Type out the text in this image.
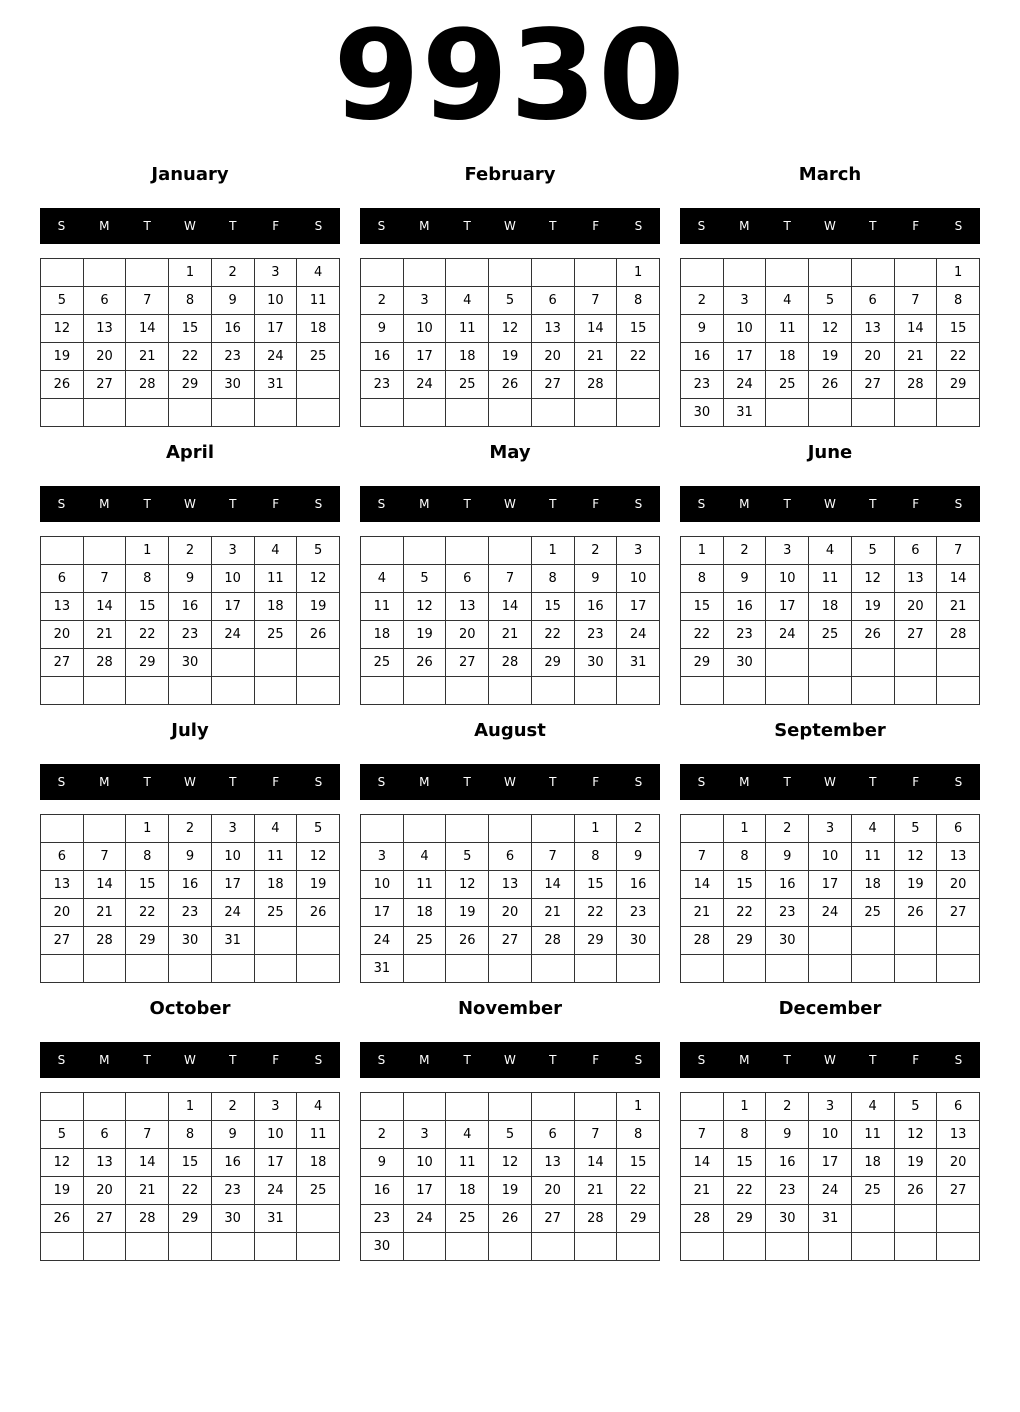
9930
January
S	M	T	W	T	F	S
			1	2	3	4
5	6	7	8	9	10	11
12	13	14	15	16	17	18
19	20	21	22	23	24	25
26	27	28	29	30	31	

February
S	M	T	W	T	F	S
						1
2	3	4	5	6	7	8
9	10	11	12	13	14	15
16	17	18	19	20	21	22
23	24	25	26	27	28	

March
S	M	T	W	T	F	S
						1
2	3	4	5	6	7	8
9	10	11	12	13	14	15
16	17	18	19	20	21	22
23	24	25	26	27	28	29
30	31					
April
S	M	T	W	T	F	S
		1	2	3	4	5
6	7	8	9	10	11	12
13	14	15	16	17	18	19
20	21	22	23	24	25	26
27	28	29	30			

May
S	M	T	W	T	F	S
				1	2	3
4	5	6	7	8	9	10
11	12	13	14	15	16	17
18	19	20	21	22	23	24
25	26	27	28	29	30	31

June
S	M	T	W	T	F	S
1	2	3	4	5	6	7
8	9	10	11	12	13	14
15	16	17	18	19	20	21
22	23	24	25	26	27	28
29	30					

July
S	M	T	W	T	F	S
		1	2	3	4	5
6	7	8	9	10	11	12
13	14	15	16	17	18	19
20	21	22	23	24	25	26
27	28	29	30	31		

August
S	M	T	W	T	F	S
					1	2
3	4	5	6	7	8	9
10	11	12	13	14	15	16
17	18	19	20	21	22	23
24	25	26	27	28	29	30
31						
September
S	M	T	W	T	F	S
	1	2	3	4	5	6
7	8	9	10	11	12	13
14	15	16	17	18	19	20
21	22	23	24	25	26	27
28	29	30				

October
S	M	T	W	T	F	S
			1	2	3	4
5	6	7	8	9	10	11
12	13	14	15	16	17	18
19	20	21	22	23	24	25
26	27	28	29	30	31	

November
S	M	T	W	T	F	S
						1
2	3	4	5	6	7	8
9	10	11	12	13	14	15
16	17	18	19	20	21	22
23	24	25	26	27	28	29
30						
December
S	M	T	W	T	F	S
	1	2	3	4	5	6
7	8	9	10	11	12	13
14	15	16	17	18	19	20
21	22	23	24	25	26	27
28	29	30	31			
